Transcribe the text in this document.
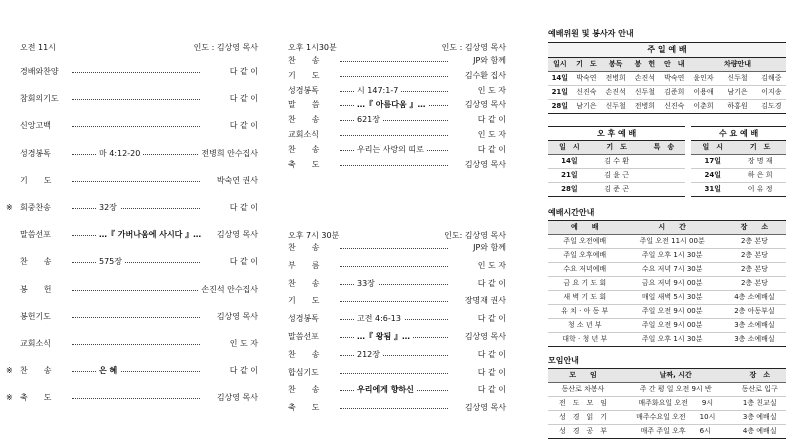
오전 11시	인도 : 김상영 목사
경배와찬양	다 같 이
참회의기도	다 같 이
신앙고백	다 같 이
성경봉독	마 4:12-20	전병희 안수집사
기　　도	박숙연 권사
※ 회중찬송	32장	다 같 이
말씀선포	…『 가버나움에 사시다 』…	김상영 목사
찬　　송	575장	다 같 이
봉　　헌	손진석 안수집사
봉헌기도	김상영 목사
교회소식	인 도 자
※ 찬　　송	은 혜	다 같 이
※ 축　　도	김상영 목사
오후 1시30분	인도 : 김상영 목사
찬　　송	JP와 함께
기　　도	김수환 집사
성경봉독	시 147:1-7	인 도 자
말　　씀	…『 아름다움 』…	김상영 목사
찬　　송	621장	다 같 이
교회소식	인 도 자
찬　　송	우리는 사랑의 띠로	다 같 이
축　　도	김상영 목사
오후 7시 30분	인도: 김상영 목사
찬　　송	JP와 함께
부　　름	인 도 자
찬　　송	33장	다 같 이
기　　도	장명재 권사
성경봉독	고전 4:6-13	다 같 이
말씀선포	…『 왕됨 』…	김상영 목사
찬　　송	212장	다 같 이
합심기도	다 같 이
찬　　송	우리에게 향하신	다 같 이
축　　도	김상영 목사
예배위원 및 봉사자 안내
주 일 예 배
일시	기　도	봉독	봉　헌	안　내		차량안내	
14일	박숙연	전병희	손진석	박숙연	윤인자	신두철	김해중
21일	신진숙	손진석	신두철	김준희	이용애	남기은	이지송
28일	남기은	신두철	전병희	신진숙	이춘희	하홍원	김도경
오 후 예 배
일　시	기　도	특　송
14일	김 수 환	
21일	김 윤 근	
28일	김 준 곤	
수 요 예 배
일　시	기　도
17일	장 명 재
24일	하 은 희
31일	이 유 정
예배시간안내
예　　배	시　　간	장　　소
주일 오전예배	주일 오전 11시 00분	2층 본당
주일 오후예배	주일 오후 1시 30분	2층 본당
수요 저녁예배	수요 저녁 7시 30분	2층 본당
금 요 기 도 회	금요 저녁 9시 00분	2층 본당
새 벽 기 도 회	매일 새벽 5시 30분	4층 소예배실
유 치 · 아 동 부	주일 오전 9시 00분	2층 아동부실
청 소 년 부	주일 오전 9시 00분	3층 소예배실
대학 · 청 년 부	주일 오후 1시 30분	3층 소예배실
모임안내
모　　임	날짜, 시간	장　소
동산로 차봉사	주 간 평 일 오전 9시 반	동산로 입구
전　도　모　임	매주화요일 오전　　9시	1층 친교실
성　경　읽　기	매주수요일 오전　　10시	3층 예배실
성　경　공　부	매주 주일 오후　　6시	4층 예배실
